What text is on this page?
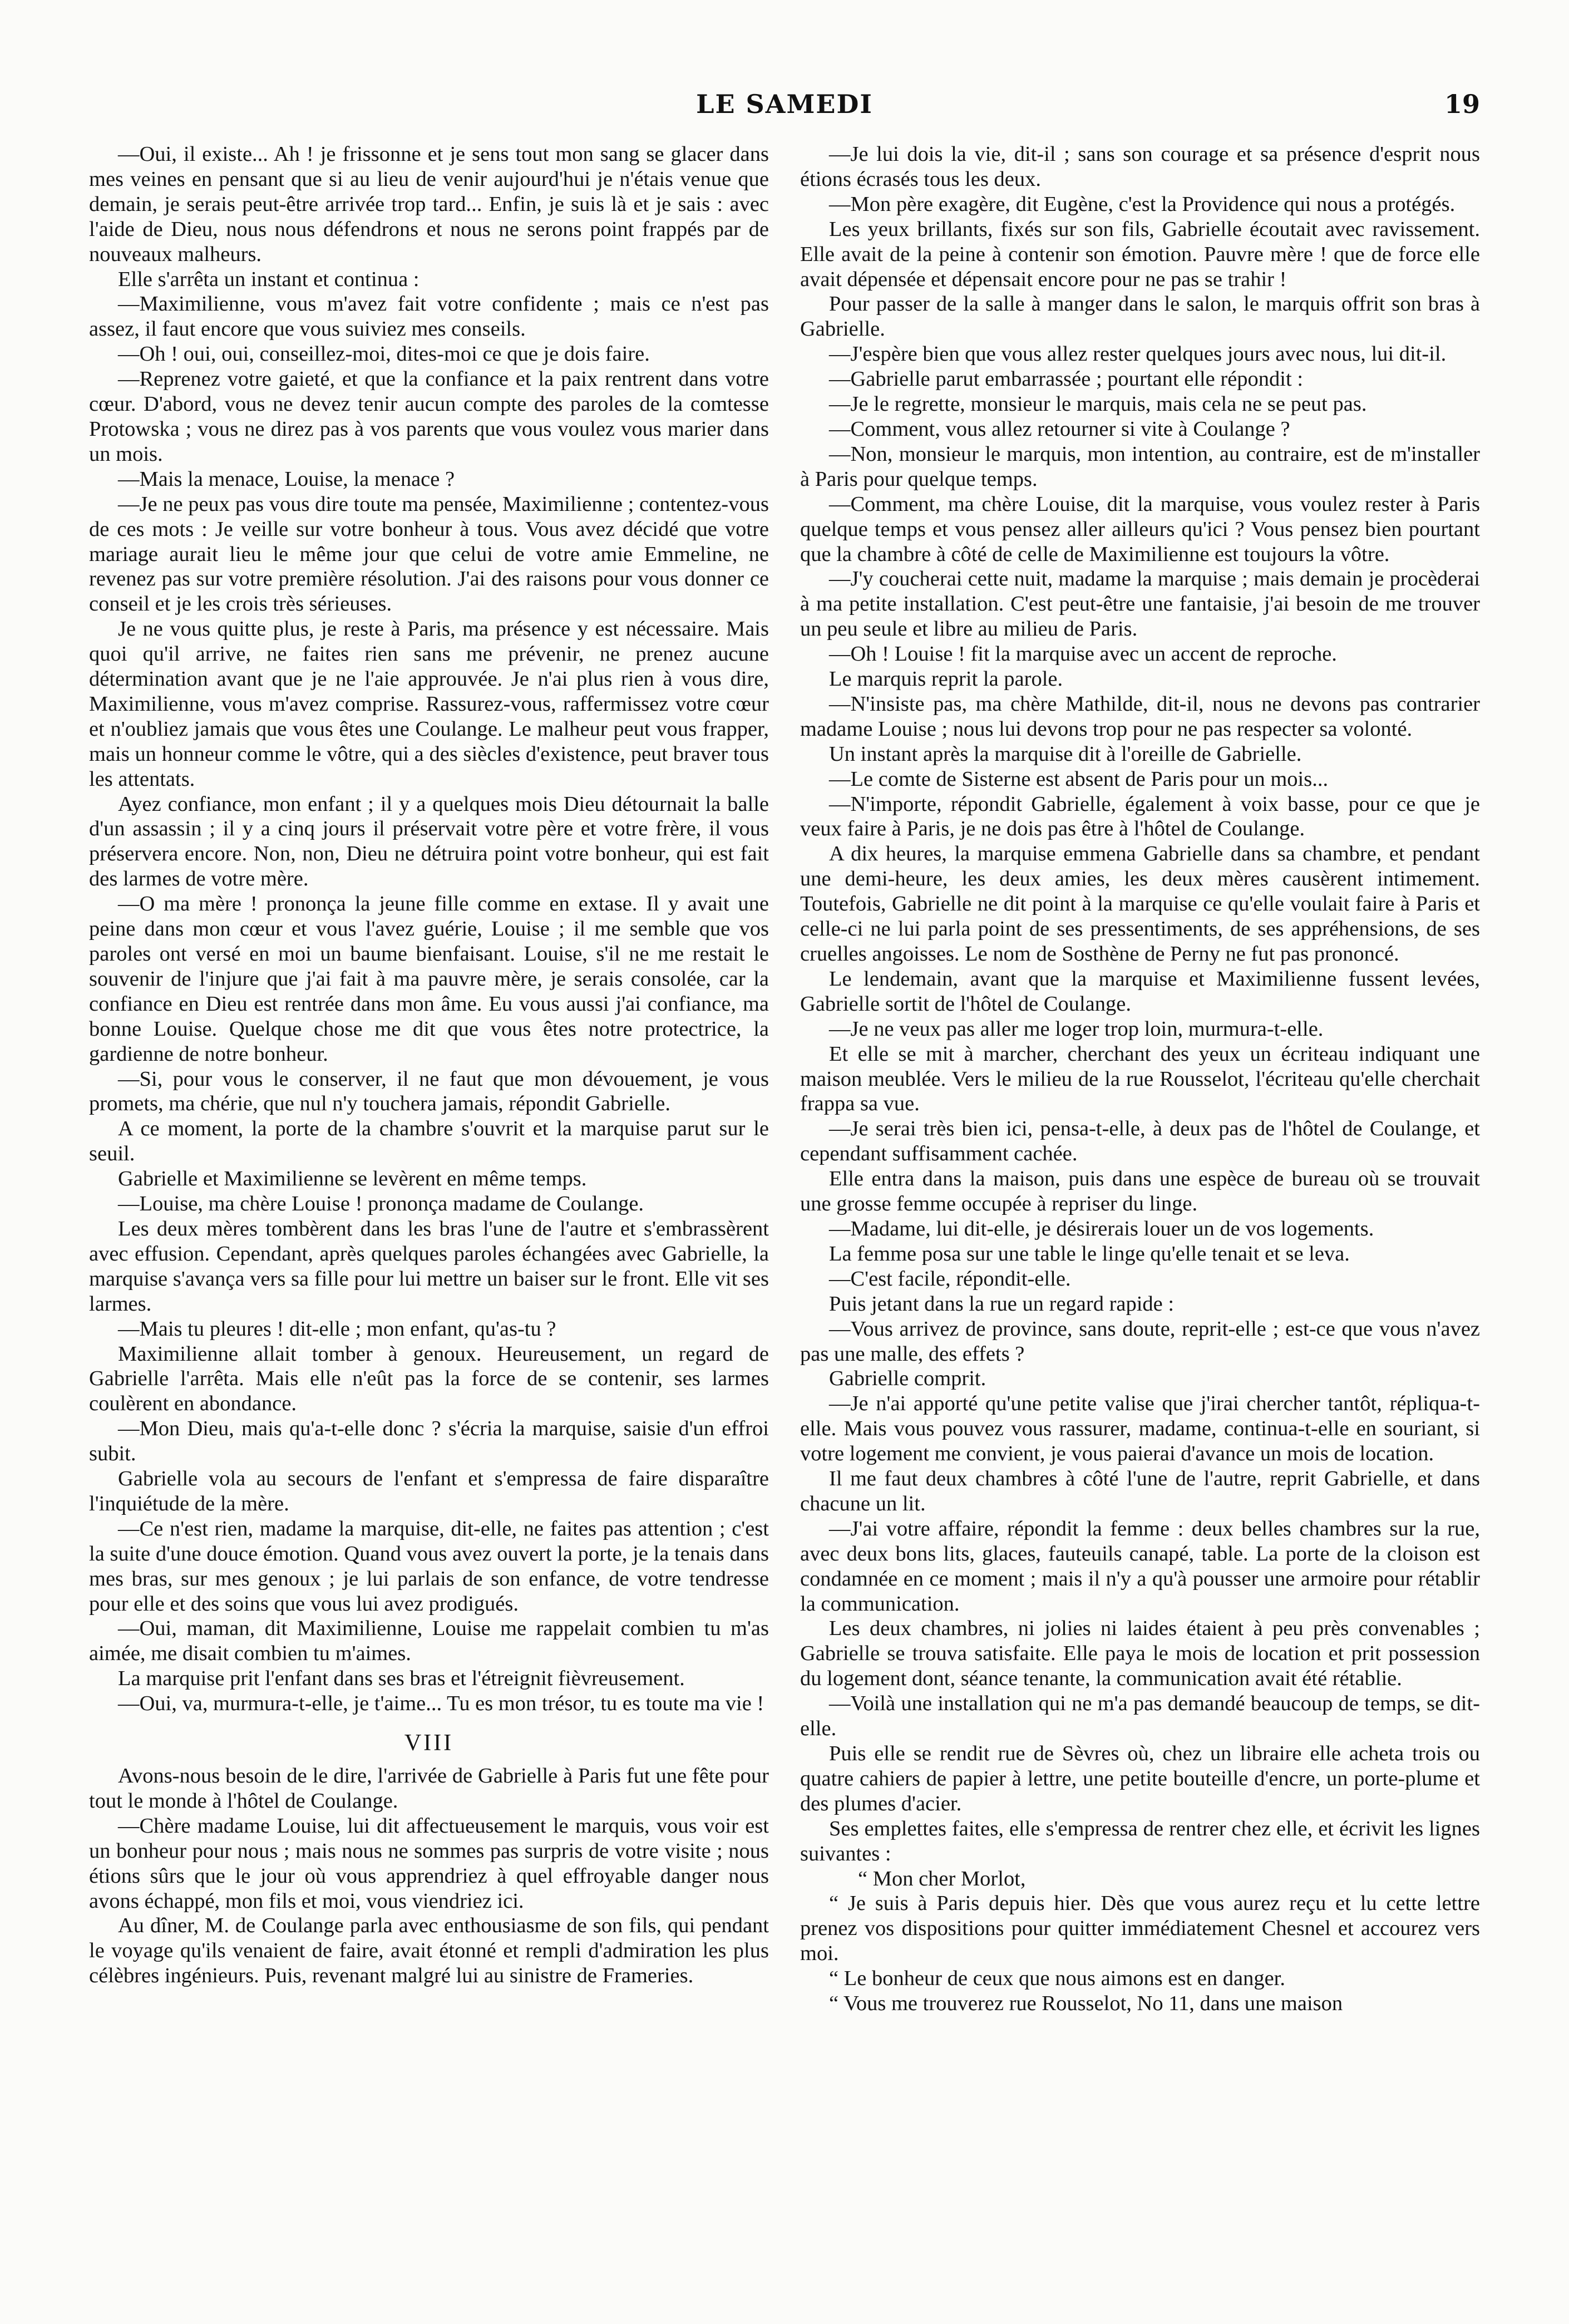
LE SAMEDI	19

—Oui, il existe... Ah ! je frissonne et je sens tout mon sang se glacer dans mes veines en pensant que si au lieu de venir aujourd'hui je n'étais venue que demain, je serais peut-être arrivée trop tard... Enfin, je suis là et je sais : avec l'aide de Dieu, nous nous défendrons et nous ne serons point frappés par de nouveaux malheurs.

Elle s'arrêta un instant et continua :

—Maximilienne, vous m'avez fait votre confidente ; mais ce n'est pas assez, il faut encore que vous suiviez mes conseils.

—Oh ! oui, oui, conseillez-moi, dites-moi ce que je dois faire.

—Reprenez votre gaieté, et que la confiance et la paix rentrent dans votre cœur. D'abord, vous ne devez tenir aucun compte des paroles de la comtesse Protowska ; vous ne direz pas à vos parents que vous voulez vous marier dans un mois.

—Mais la menace, Louise, la menace ?

—Je ne peux pas vous dire toute ma pensée, Maximilienne ; contentez-vous de ces mots : Je veille sur votre bonheur à tous. Vous avez décidé que votre mariage aurait lieu le même jour que celui de votre amie Emmeline, ne revenez pas sur votre première résolution. J'ai des raisons pour vous donner ce conseil et je les crois très sérieuses.

Je ne vous quitte plus, je reste à Paris, ma présence y est nécessaire. Mais quoi qu'il arrive, ne faites rien sans me prévenir, ne prenez aucune détermination avant que je ne l'aie approuvée. Je n'ai plus rien à vous dire, Maximilienne, vous m'avez comprise. Rassurez-vous, raffermissez votre cœur et n'oubliez jamais que vous êtes une Coulange. Le malheur peut vous frapper, mais un honneur comme le vôtre, qui a des siècles d'existence, peut braver tous les attentats.

Ayez confiance, mon enfant ; il y a quelques mois Dieu détournait la balle d'un assassin ; il y a cinq jours il préservait votre père et votre frère, il vous préservera encore. Non, non, Dieu ne détruira point votre bonheur, qui est fait des larmes de votre mère.

—O ma mère ! prononça la jeune fille comme en extase. Il y avait une peine dans mon cœur et vous l'avez guérie, Louise ; il me semble que vos paroles ont versé en moi un baume bienfaisant. Louise, s'il ne me restait le souvenir de l'injure que j'ai fait à ma pauvre mère, je serais consolée, car la confiance en Dieu est rentrée dans mon âme. Eu vous aussi j'ai confiance, ma bonne Louise. Quelque chose me dit que vous êtes notre protectrice, la gardienne de notre bonheur.

—Si, pour vous le conserver, il ne faut que mon dévouement, je vous promets, ma chérie, que nul n'y touchera jamais, répondit Gabrielle.

A ce moment, la porte de la chambre s'ouvrit et la marquise parut sur le seuil.

Gabrielle et Maximilienne se levèrent en même temps.

—Louise, ma chère Louise ! prononça madame de Coulange.

Les deux mères tombèrent dans les bras l'une de l'autre et s'embrassèrent avec effusion. Cependant, après quelques paroles échangées avec Gabrielle, la marquise s'avança vers sa fille pour lui mettre un baiser sur le front. Elle vit ses larmes.

—Mais tu pleures ! dit-elle ; mon enfant, qu'as-tu ?

Maximilienne allait tomber à genoux. Heureusement, un regard de Gabrielle l'arrêta. Mais elle n'eût pas la force de se contenir, ses larmes coulèrent en abondance.

—Mon Dieu, mais qu'a-t-elle donc ? s'écria la marquise, saisie d'un effroi subit.

Gabrielle vola au secours de l'enfant et s'empressa de faire disparaître l'inquiétude de la mère.

—Ce n'est rien, madame la marquise, dit-elle, ne faites pas attention ; c'est la suite d'une douce émotion. Quand vous avez ouvert la porte, je la tenais dans mes bras, sur mes genoux ; je lui parlais de son enfance, de votre tendresse pour elle et des soins que vous lui avez prodigués.

—Oui, maman, dit Maximilienne, Louise me rappelait combien tu m'as aimée, me disait combien tu m'aimes.

La marquise prit l'enfant dans ses bras et l'étreignit fièvreusement.

—Oui, va, murmura-t-elle, je t'aime... Tu es mon trésor, tu es toute ma vie !

VIII

Avons-nous besoin de le dire, l'arrivée de Gabrielle à Paris fut une fête pour tout le monde à l'hôtel de Coulange.

—Chère madame Louise, lui dit affectueusement le marquis, vous voir est un bonheur pour nous ; mais nous ne sommes pas surpris de votre visite ; nous étions sûrs que le jour où vous apprendriez à quel effroyable danger nous avons échappé, mon fils et moi, vous viendriez ici.

Au dîner, M. de Coulange parla avec enthousiasme de son fils, qui pendant le voyage qu'ils venaient de faire, avait étonné et rempli d'admiration les plus célèbres ingénieurs. Puis, revenant malgré lui au sinistre de Frameries.

—Je lui dois la vie, dit-il ; sans son courage et sa présence d'esprit nous étions écrasés tous les deux.

—Mon père exagère, dit Eugène, c'est la Providence qui nous a protégés.

Les yeux brillants, fixés sur son fils, Gabrielle écoutait avec ravissement. Elle avait de la peine à contenir son émotion. Pauvre mère ! que de force elle avait dépensée et dépensait encore pour ne pas se trahir !

Pour passer de la salle à manger dans le salon, le marquis offrit son bras à Gabrielle.

—J'espère bien que vous allez rester quelques jours avec nous, lui dit-il.

—Gabrielle parut embarrassée ; pourtant elle répondit :

—Je le regrette, monsieur le marquis, mais cela ne se peut pas.

—Comment, vous allez retourner si vite à Coulange ?

—Non, monsieur le marquis, mon intention, au contraire, est de m'installer à Paris pour quelque temps.

—Comment, ma chère Louise, dit la marquise, vous voulez rester à Paris quelque temps et vous pensez aller ailleurs qu'ici ? Vous pensez bien pourtant que la chambre à côté de celle de Maximilienne est toujours la vôtre.

—J'y coucherai cette nuit, madame la marquise ; mais demain je procèderai à ma petite installation. C'est peut-être une fantaisie, j'ai besoin de me trouver un peu seule et libre au milieu de Paris.

—Oh ! Louise ! fit la marquise avec un accent de reproche.

Le marquis reprit la parole.

—N'insiste pas, ma chère Mathilde, dit-il, nous ne devons pas contrarier madame Louise ; nous lui devons trop pour ne pas respecter sa volonté.

Un instant après la marquise dit à l'oreille de Gabrielle.

—Le comte de Sisterne est absent de Paris pour un mois...

—N'importe, répondit Gabrielle, également à voix basse, pour ce que je veux faire à Paris, je ne dois pas être à l'hôtel de Coulange.

A dix heures, la marquise emmena Gabrielle dans sa chambre, et pendant une demi-heure, les deux amies, les deux mères causèrent intimement. Toutefois, Gabrielle ne dit point à la marquise ce qu'elle voulait faire à Paris et celle-ci ne lui parla point de ses pressentiments, de ses appréhensions, de ses cruelles angoisses. Le nom de Sosthène de Perny ne fut pas prononcé.

Le lendemain, avant que la marquise et Maximilienne fussent levées, Gabrielle sortit de l'hôtel de Coulange.

—Je ne veux pas aller me loger trop loin, murmura-t-elle.

Et elle se mit à marcher, cherchant des yeux un écriteau indiquant une maison meublée. Vers le milieu de la rue Rousselot, l'écriteau qu'elle cherchait frappa sa vue.

—Je serai très bien ici, pensa-t-elle, à deux pas de l'hôtel de Coulange, et cependant suffisamment cachée.

Elle entra dans la maison, puis dans une espèce de bureau où se trouvait une grosse femme occupée à repriser du linge.

—Madame, lui dit-elle, je désirerais louer un de vos logements.

La femme posa sur une table le linge qu'elle tenait et se leva.

—C'est facile, répondit-elle.

Puis jetant dans la rue un regard rapide :

—Vous arrivez de province, sans doute, reprit-elle ; est-ce que vous n'avez pas une malle, des effets ?

Gabrielle comprit.

—Je n'ai apporté qu'une petite valise que j'irai chercher tantôt, répliqua-t-elle. Mais vous pouvez vous rassurer, madame, continua-t-elle en souriant, si votre logement me convient, je vous paierai d'avance un mois de location.

Il me faut deux chambres à côté l'une de l'autre, reprit Gabrielle, et dans chacune un lit.

—J'ai votre affaire, répondit la femme : deux belles chambres sur la rue, avec deux bons lits, glaces, fauteuils canapé, table. La porte de la cloison est condamnée en ce moment ; mais il n'y a qu'à pousser une armoire pour rétablir la communication.

Les deux chambres, ni jolies ni laides étaient à peu près convenables ; Gabrielle se trouva satisfaite. Elle paya le mois de location et prit possession du logement dont, séance tenante, la communication avait été rétablie.

—Voilà une installation qui ne m'a pas demandé beaucoup de temps, se dit-elle.

Puis elle se rendit rue de Sèvres où, chez un libraire elle acheta trois ou quatre cahiers de papier à lettre, une petite bouteille d'encre, un porte-plume et des plumes d'acier.

Ses emplettes faites, elle s'empressa de rentrer chez elle, et écrivit les lignes suivantes :

“ Mon cher Morlot,

“ Je suis à Paris depuis hier. Dès que vous aurez reçu et lu cette lettre prenez vos dispositions pour quitter immédiatement Chesnel et accourez vers moi.

“ Le bonheur de ceux que nous aimons est en danger.

“ Vous me trouverez rue Rousselot, No 11, dans une maison
